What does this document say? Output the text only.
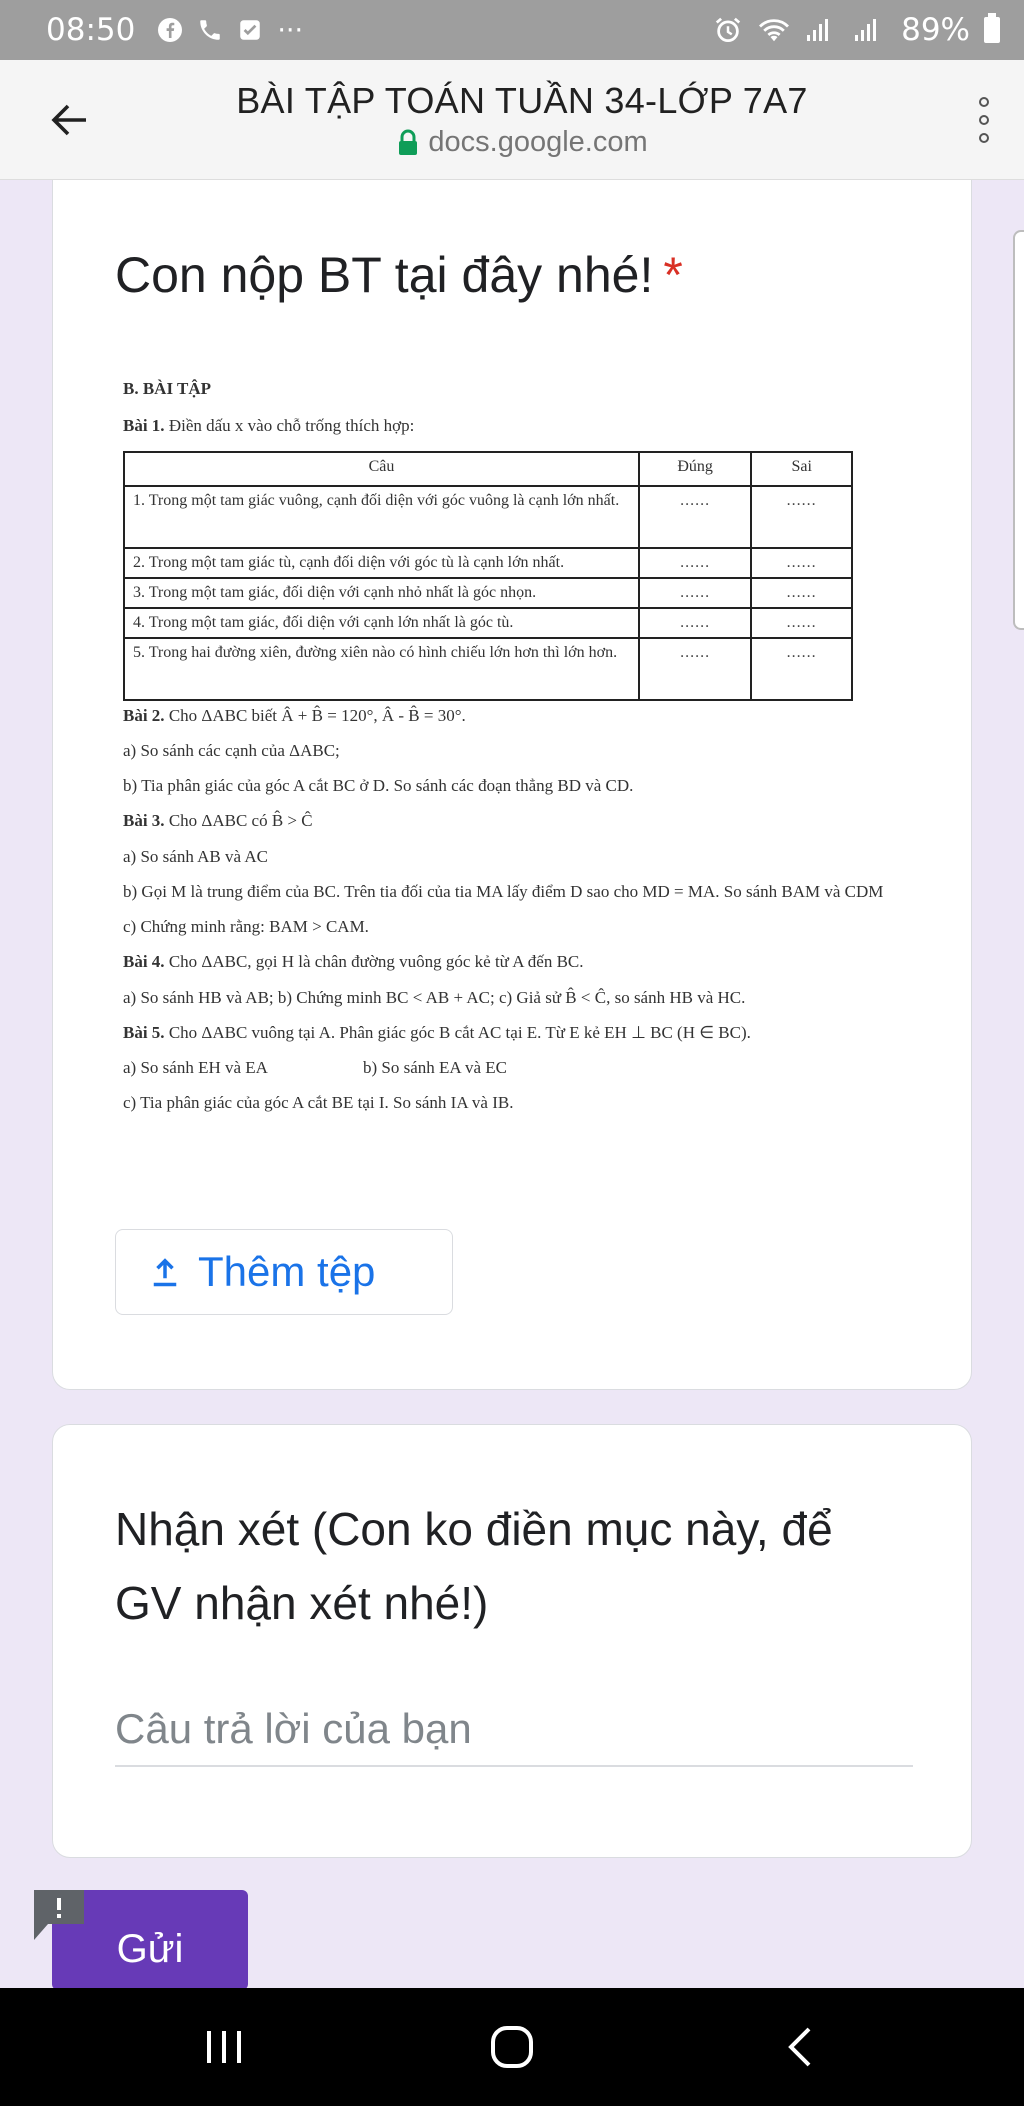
08:50	···	89%
BÀI TẬP TOÁN TUẦN 34-LỚP 7A7
docs.google.com
Con nộp BT tại đây nhé! *
B. BÀI TẬP
Bài 1. Điền dấu x vào chỗ trống thích hợp:
Câu	Đúng	Sai
1. Trong một tam giác vuông, cạnh đối diện với góc vuông là cạnh lớn nhất.	......	......
2. Trong một tam giác tù, cạnh đối diện với góc tù là cạnh lớn nhất.	......	......
3. Trong một tam giác, đối diện với cạnh nhỏ nhất là góc nhọn.	......	......
4. Trong một tam giác, đối diện với cạnh lớn nhất là góc tù.	......	......
5. Trong hai đường xiên, đường xiên nào có hình chiếu lớn hơn thì lớn hơn.	......	......
Bài 2. Cho ΔABC biết Â + B̂ = 120°, Â - B̂ = 30°.
a) So sánh các cạnh của ΔABC;
b) Tia phân giác của góc A cắt BC ở D. So sánh các đoạn thẳng BD và CD.
Bài 3. Cho ΔABC có B̂ > Ĉ
a) So sánh AB và AC
b) Gọi M là trung điểm của BC. Trên tia đối của tia MA lấy điểm D sao cho MD = MA. So sánh BAM và CDM
c) Chứng minh rằng: BAM > CAM.
Bài 4. Cho ΔABC, gọi H là chân đường vuông góc kẻ từ A đến BC.
a) So sánh HB và AB; b) Chứng minh BC < AB + AC; c) Giả sử B̂ < Ĉ, so sánh HB và HC.
Bài 5. Cho ΔABC vuông tại A. Phân giác góc B cắt AC tại E. Từ E kẻ EH ⊥ BC (H ∈ BC).
a) So sánh EH và EA	b) So sánh EA và EC
c) Tia phân giác của góc A cắt BE tại I. So sánh IA và IB.
Thêm tệp
Nhận xét (Con ko điền mục này, để GV nhận xét nhé!)
Câu trả lời của bạn
Gửi
